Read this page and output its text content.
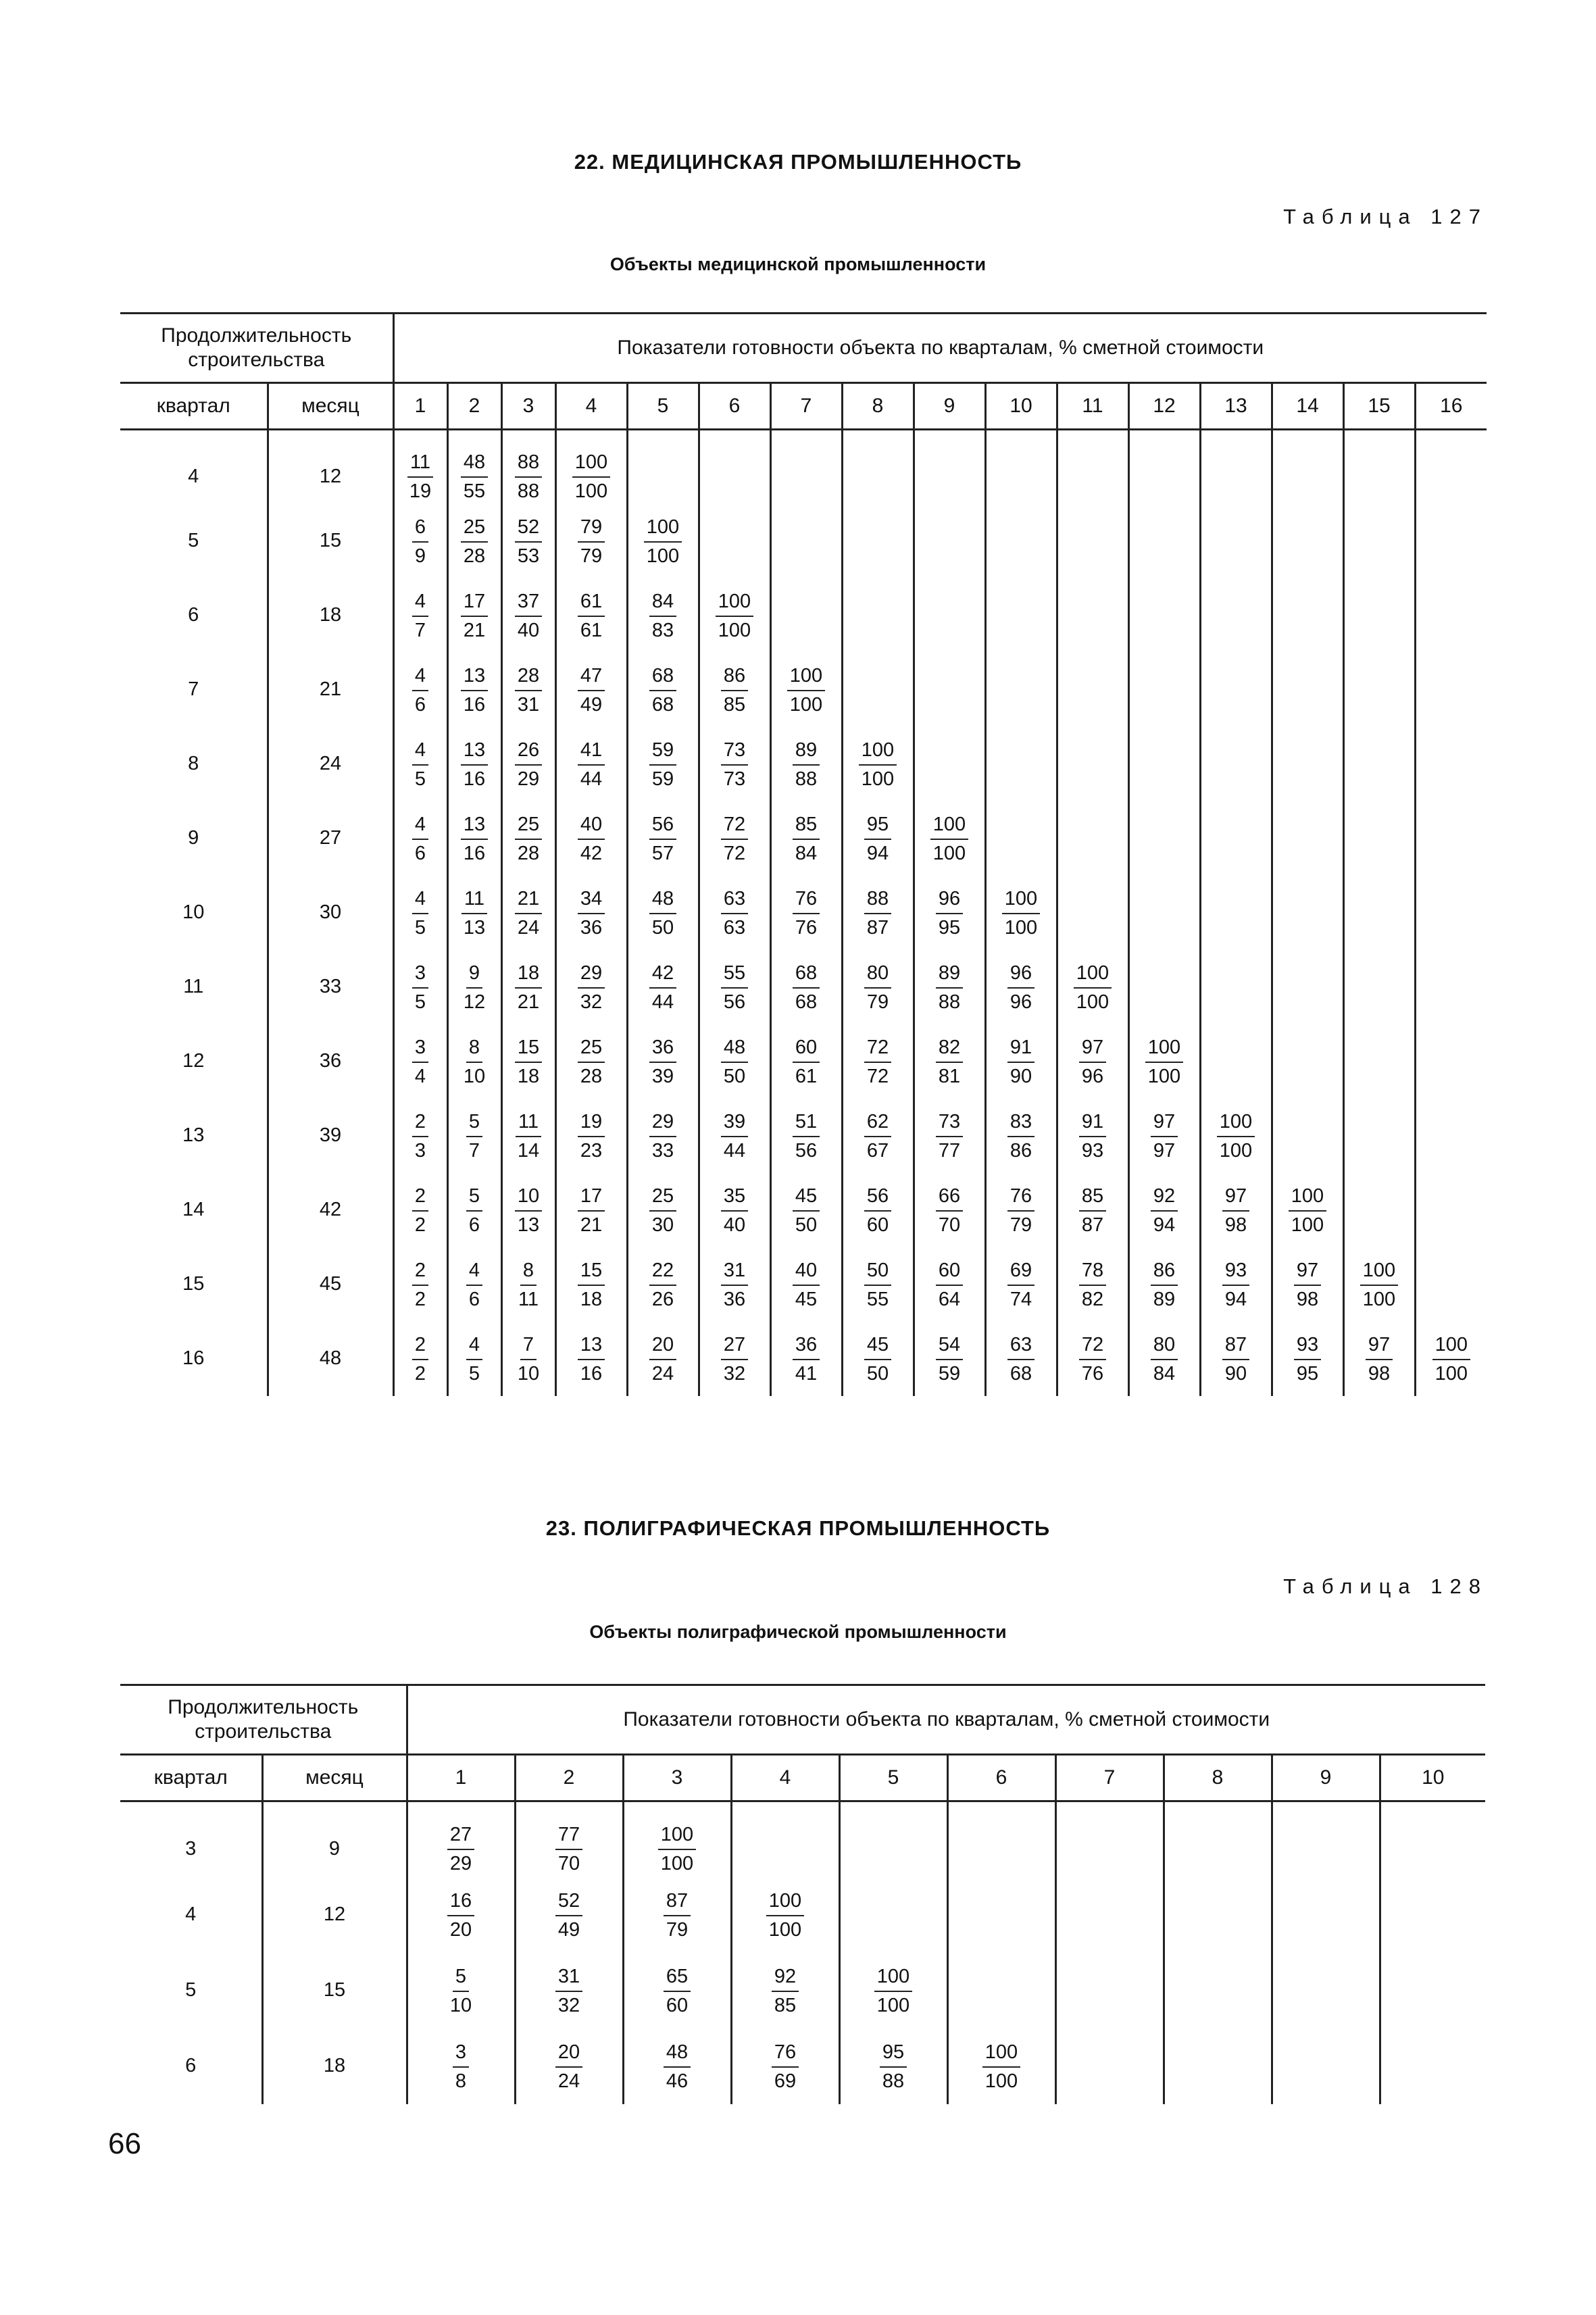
22. МЕДИЦИНСКАЯ ПРОМЫШЛЕННОСТЬ
Таблица 127
Объекты медицинской промышленности
Продолжительность строительства		Показатели готовности объекта по кварталам, % сметной стоимости															
квартал	месяц	1	2	3	4	5	6	7	8	9	10	11	12	13	14	15	16
4	12	$\frac{11}{19}$	$\frac{48}{55}$	$\frac{88}{88}$	$\frac{100}{100}$

5	15	$\frac{6}{9}$	$\frac{25}{28}$	$\frac{52}{53}$	$\frac{79}{79}$	$\frac{100}{100}$

6	18	$\frac{4}{7}$	$\frac{17}{21}$	$\frac{37}{40}$	$\frac{61}{61}$	$\frac{84}{83}$	$\frac{100}{100}$

7	21	$\frac{4}{6}$	$\frac{13}{16}$	$\frac{28}{31}$	$\frac{47}{49}$	$\frac{68}{68}$	$\frac{86}{85}$	$\frac{100}{100}$

8	24	$\frac{4}{5}$	$\frac{13}{16}$	$\frac{26}{29}$	$\frac{41}{44}$	$\frac{59}{59}$	$\frac{73}{73}$	$\frac{89}{88}$	$\frac{100}{100}$

9	27	$\frac{4}{6}$	$\frac{13}{16}$	$\frac{25}{28}$	$\frac{40}{42}$	$\frac{56}{57}$	$\frac{72}{72}$	$\frac{85}{84}$	$\frac{95}{94}$	$\frac{100}{100}$

10	30	$\frac{4}{5}$	$\frac{11}{13}$	$\frac{21}{24}$	$\frac{34}{36}$	$\frac{48}{50}$	$\frac{63}{63}$	$\frac{76}{76}$	$\frac{88}{87}$	$\frac{96}{95}$	$\frac{100}{100}$

11	33	$\frac{3}{5}$	$\frac{9}{12}$	$\frac{18}{21}$	$\frac{29}{32}$	$\frac{42}{44}$	$\frac{55}{56}$	$\frac{68}{68}$	$\frac{80}{79}$	$\frac{89}{88}$	$\frac{96}{96}$	$\frac{100}{100}$

12	36	$\frac{3}{4}$	$\frac{8}{10}$	$\frac{15}{18}$	$\frac{25}{28}$	$\frac{36}{39}$	$\frac{48}{50}$	$\frac{60}{61}$	$\frac{72}{72}$	$\frac{82}{81}$	$\frac{91}{90}$	$\frac{97}{96}$	$\frac{100}{100}$

13	39	$\frac{2}{3}$	$\frac{5}{7}$	$\frac{11}{14}$	$\frac{19}{23}$	$\frac{29}{33}$	$\frac{39}{44}$	$\frac{51}{56}$	$\frac{62}{67}$	$\frac{73}{77}$	$\frac{83}{86}$	$\frac{91}{93}$	$\frac{97}{97}$	$\frac{100}{100}$

14	42	$\frac{2}{2}$	$\frac{5}{6}$	$\frac{10}{13}$	$\frac{17}{21}$	$\frac{25}{30}$	$\frac{35}{40}$	$\frac{45}{50}$	$\frac{56}{60}$	$\frac{66}{70}$	$\frac{76}{79}$	$\frac{85}{87}$	$\frac{92}{94}$	$\frac{97}{98}$	$\frac{100}{100}$

15	45	$\frac{2}{2}$	$\frac{4}{6}$	$\frac{8}{11}$	$\frac{15}{18}$	$\frac{22}{26}$	$\frac{31}{36}$	$\frac{40}{45}$	$\frac{50}{55}$	$\frac{60}{64}$	$\frac{69}{74}$	$\frac{78}{82}$	$\frac{86}{89}$	$\frac{93}{94}$	$\frac{97}{98}$	$\frac{100}{100}$

16	48	$\frac{2}{2}$	$\frac{4}{5}$	$\frac{7}{10}$	$\frac{13}{16}$	$\frac{20}{24}$	$\frac{27}{32}$	$\frac{36}{41}$	$\frac{45}{50}$	$\frac{54}{59}$	$\frac{63}{68}$	$\frac{72}{76}$	$\frac{80}{84}$	$\frac{87}{90}$	$\frac{93}{95}$	$\frac{97}{98}$	$\frac{100}{100}$
23. ПОЛИГРАФИЧЕСКАЯ ПРОМЫШЛЕННОСТЬ
Таблица 128
Объекты полиграфической промышленности
Продолжительность строительства		Показатели готовности объекта по кварталам, % сметной стоимости									
квартал	месяц	1	2	3	4	5	6	7	8	9	10
3	9	$\frac{27}{29}$	$\frac{77}{70}$	$\frac{100}{100}$

4	12	$\frac{16}{20}$	$\frac{52}{49}$	$\frac{87}{79}$	$\frac{100}{100}$

5	15	$\frac{5}{10}$	$\frac{31}{32}$	$\frac{65}{60}$	$\frac{92}{85}$	$\frac{100}{100}$

6	18	$\frac{3}{8}$	$\frac{20}{24}$	$\frac{48}{46}$	$\frac{76}{69}$	$\frac{95}{88}$	$\frac{100}{100}$

66
